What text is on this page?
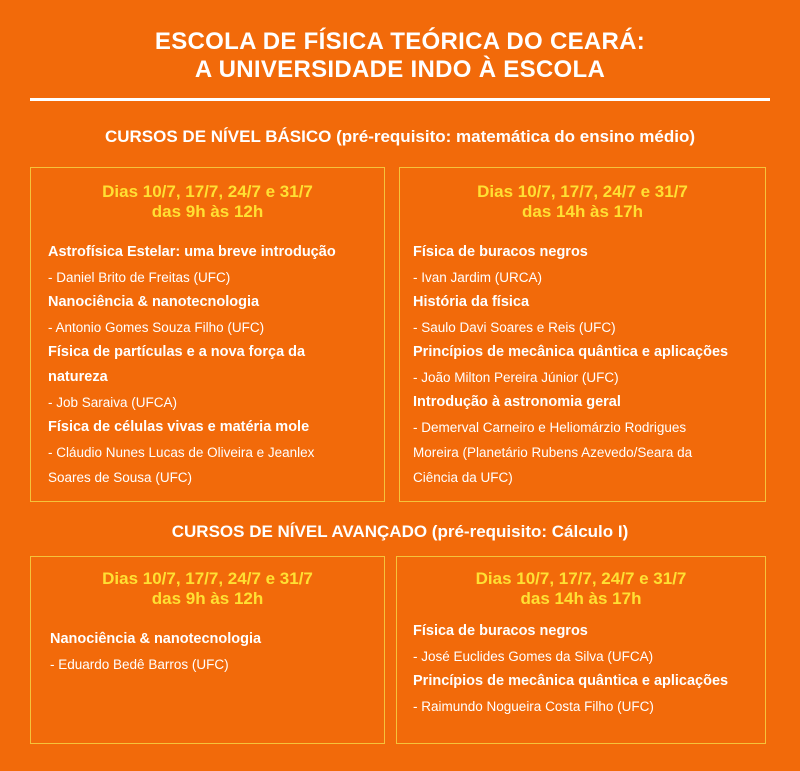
ESCOLA DE FÍSICA TEÓRICA DO CEARÁ:
A UNIVERSIDADE INDO À ESCOLA
CURSOS DE NÍVEL BÁSICO (pré-requisito: matemática do ensino médio)
Dias 10/7, 17/7, 24/7 e 31/7
das 9h às 12h
Astrofísica Estelar: uma breve introdução
- Daniel Brito de Freitas (UFC)
Nanociência & nanotecnologia
- Antonio Gomes Souza Filho (UFC)
Física de partículas e a nova força da
natureza
- Job Saraiva (UFCA)
Física de células vivas e matéria mole
- Cláudio Nunes Lucas de Oliveira e Jeanlex
Soares de Sousa (UFC)
Dias 10/7, 17/7, 24/7 e 31/7
das 14h às 17h
Física de buracos negros
- Ivan Jardim (URCA)
História da física
- Saulo Davi Soares e Reis (UFC)
Princípios de mecânica quântica e aplicações
- João Milton Pereira Júnior (UFC)
Introdução à astronomia geral
- Demerval Carneiro e Heliomárzio Rodrigues
Moreira (Planetário Rubens Azevedo/Seara da
Ciência da UFC)
CURSOS DE NÍVEL AVANÇADO (pré-requisito: Cálculo I)
Dias 10/7, 17/7, 24/7 e 31/7
das 9h às 12h
Nanociência & nanotecnologia
- Eduardo Bedê Barros (UFC)
Dias 10/7, 17/7, 24/7 e 31/7
das 14h às 17h
Física de buracos negros
- José Euclides Gomes da Silva (UFCA)
Princípios de mecânica quântica e aplicações
- Raimundo Nogueira Costa Filho (UFC)
